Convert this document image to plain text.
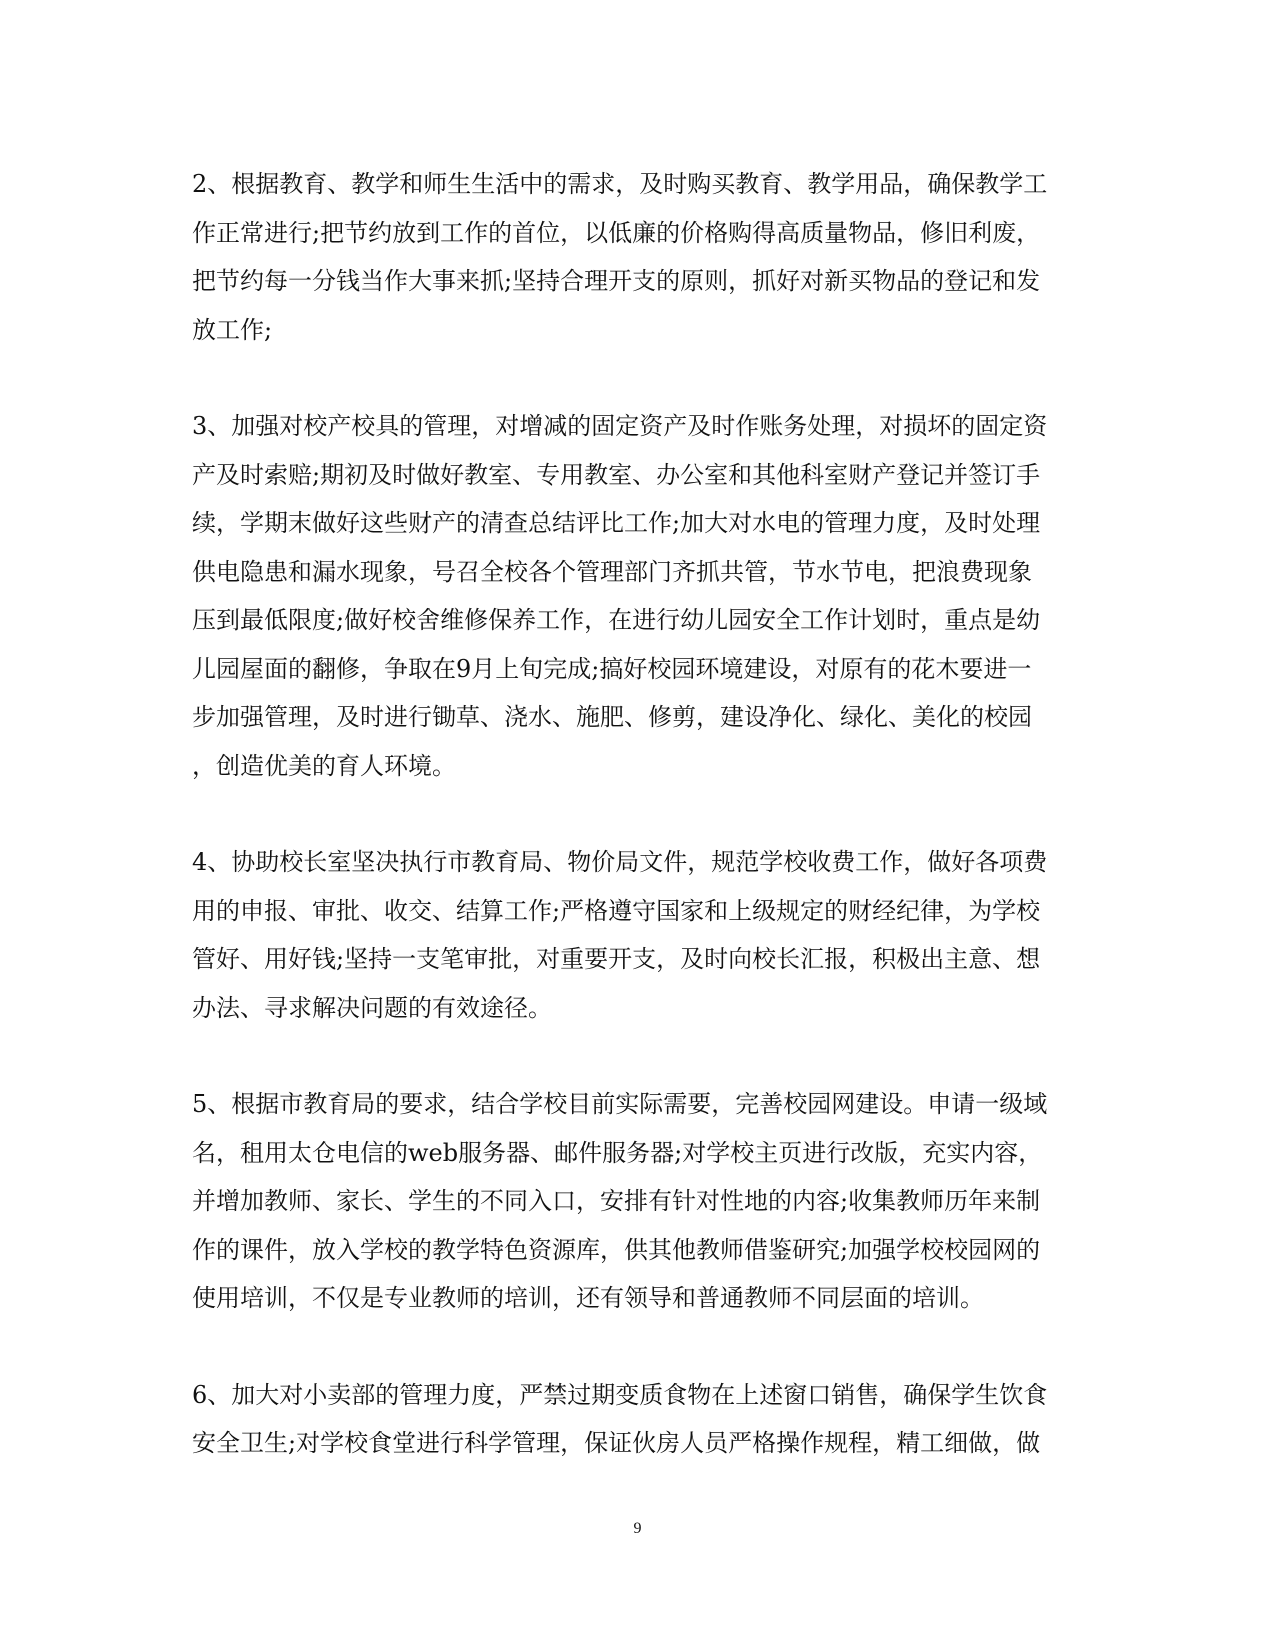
2、根据教育、教学和师生生活中的需求，及时购买教育、教学用品，确保教学工
作正常进行;把节约放到工作的首位，以低廉的价格购得高质量物品，修旧利废，
把节约每一分钱当作大事来抓;坚持合理开支的原则，抓好对新买物品的登记和发
放工作;

3、加强对校产校具的管理，对增减的固定资产及时作账务处理，对损坏的固定资
产及时索赔;期初及时做好教室、专用教室、办公室和其他科室财产登记并签订手
续，学期末做好这些财产的清查总结评比工作;加大对水电的管理力度，及时处理
供电隐患和漏水现象，号召全校各个管理部门齐抓共管，节水节电，把浪费现象
压到最低限度;做好校舍维修保养工作，在进行幼儿园安全工作计划时，重点是幼
儿园屋面的翻修，争取在9月上旬完成;搞好校园环境建设，对原有的花木要进一
步加强管理，及时进行锄草、浇水、施肥、修剪，建设净化、绿化、美化的校园
，创造优美的育人环境。

4、协助校长室坚决执行市教育局、物价局文件，规范学校收费工作，做好各项费
用的申报、审批、收交、结算工作;严格遵守国家和上级规定的财经纪律，为学校
管好、用好钱;坚持一支笔审批，对重要开支，及时向校长汇报，积极出主意、想
办法、寻求解决问题的有效途径。

5、根据市教育局的要求，结合学校目前实际需要，完善校园网建设。申请一级域
名，租用太仓电信的web服务器、邮件服务器;对学校主页进行改版，充实内容，
并增加教师、家长、学生的不同入口，安排有针对性地的内容;收集教师历年来制
作的课件，放入学校的教学特色资源库，供其他教师借鉴研究;加强学校校园网的
使用培训，不仅是专业教师的培训，还有领导和普通教师不同层面的培训。

6、加大对小卖部的管理力度，严禁过期变质食物在上述窗口销售，确保学生饮食
安全卫生;对学校食堂进行科学管理，保证伙房人员严格操作规程，精工细做，做

9
